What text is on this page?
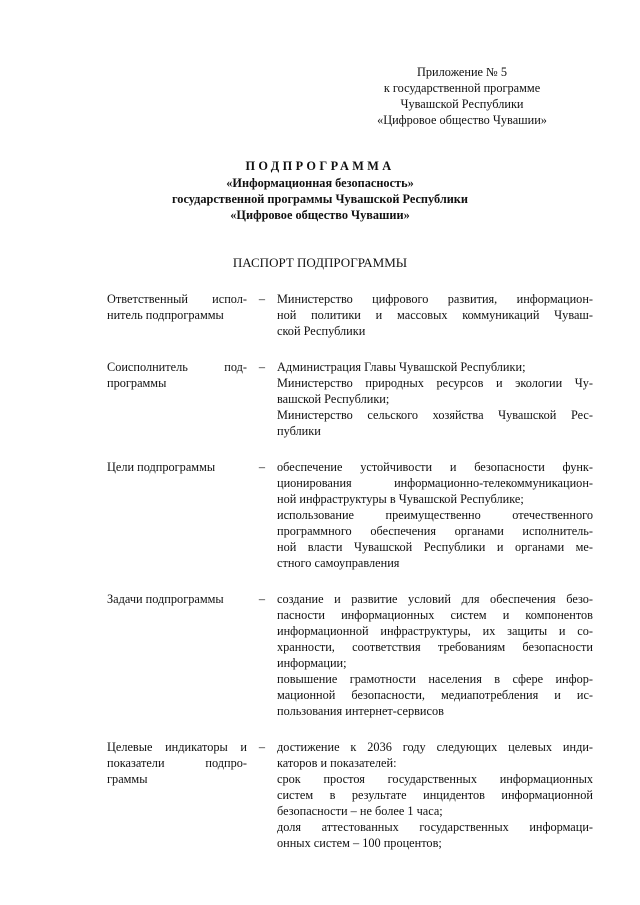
Приложение № 5
к государственной программе
Чувашской Республики
«Цифровое общество Чувашии»
ПОДПРОГРАММА
«Информационная безопасность»
государственной программы Чувашской Республики
«Цифровое общество Чувашии»
ПАСПОРТ ПОДПРОГРАММЫ
Ответственный испол-
нитель подпрограммы
– Министерство цифрового развития, информацион-
ной политики и массовых коммуникаций Чуваш-
ской Республики
Соисполнитель под-
программы
– Администрация Главы Чувашской Республики;
Министерство природных ресурсов и экологии Чу-
вашской Республики;
Министерство сельского хозяйства Чувашской Рес-
публики
Цели подпрограммы	– обеспечение устойчивости и безопасности функ-
ционирования информационно-телекоммуникацион-
ной инфраструктуры в Чувашской Республике;
использование преимущественно отечественного
программного обеспечения органами исполнитель-
ной власти Чувашской Республики и органами ме-
стного самоуправления
Задачи подпрограммы	– создание и развитие условий для обеспечения безо-
пасности информационных систем и компонентов
информационной инфраструктуры, их защиты и со-
хранности, соответствия требованиям безопасности
информации;
повышение грамотности населения в сфере инфор-
мационной безопасности, медиапотребления и ис-
пользования интернет-сервисов
Целевые индикаторы и
показатели подпро-
граммы
– достижение к 2036 году следующих целевых инди-
каторов и показателей:
срок простоя государственных информационных
систем в результате инцидентов информационной
безопасности – не более 1 часа;
доля аттестованных государственных информаци-
онных систем – 100 процентов;
